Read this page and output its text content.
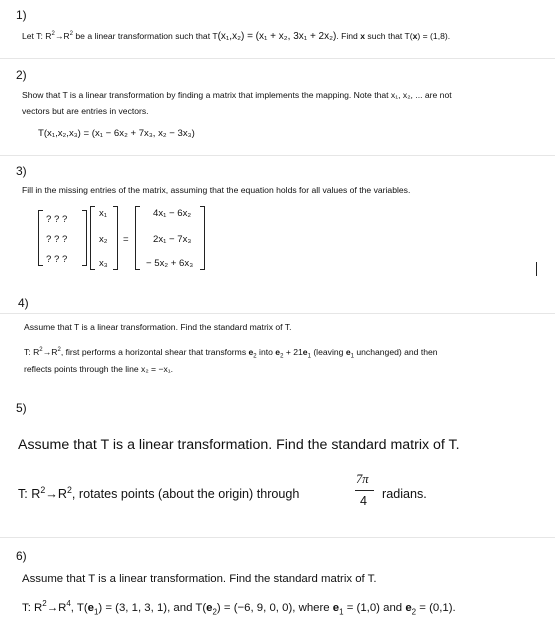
1)
Let T: $R^2\to R^2$ be a linear transformation such that T(x₁,x₂) = (x₁ + x₂, 3x₁ + 2x₂). Find x such that T(x) = (1,8).
2)
Show that T is a linear transformation by finding a matrix that implements the mapping. Note that x₁, x₂, ... are not
vectors but are entries in vectors.
T(x₁,x₂,x₃) = (x₁ − 6x₂ + 7x₃, x₂ − 3x₃)
3)
Fill in the missing entries of the matrix, assuming that the equation holds for all values of the variables.
? ? ?
? ? ?
? ? ?
x₁
x₂
x₃
=
4x₁ − 6x₂
2x₁ − 7x₃
− 5x₂ + 6x₃
4)
Assume that T is a linear transformation. Find the standard matrix of T.
T: $R^2\to R^2$, first performs a horizontal shear that transforms $e_2$ into $e_2 + 21e_1$ (leaving $e_1$ unchanged) and then
reflects points through the line x₂ = −x₁.
5)
Assume that T is a linear transformation. Find the standard matrix of T.
T: $R^2\to R^2$, rotates points (about the origin) through
7π
4 radians.
6)
Assume that T is a linear transformation. Find the standard matrix of T.
T: $R^2\to R^4$, $T(e_1) = (3$, 1, 3, 1), and $T(e_2) = (-6$, 9, 0, 0), where $e_1 = (1,0)$ and $e_2 = (0,1)$.
